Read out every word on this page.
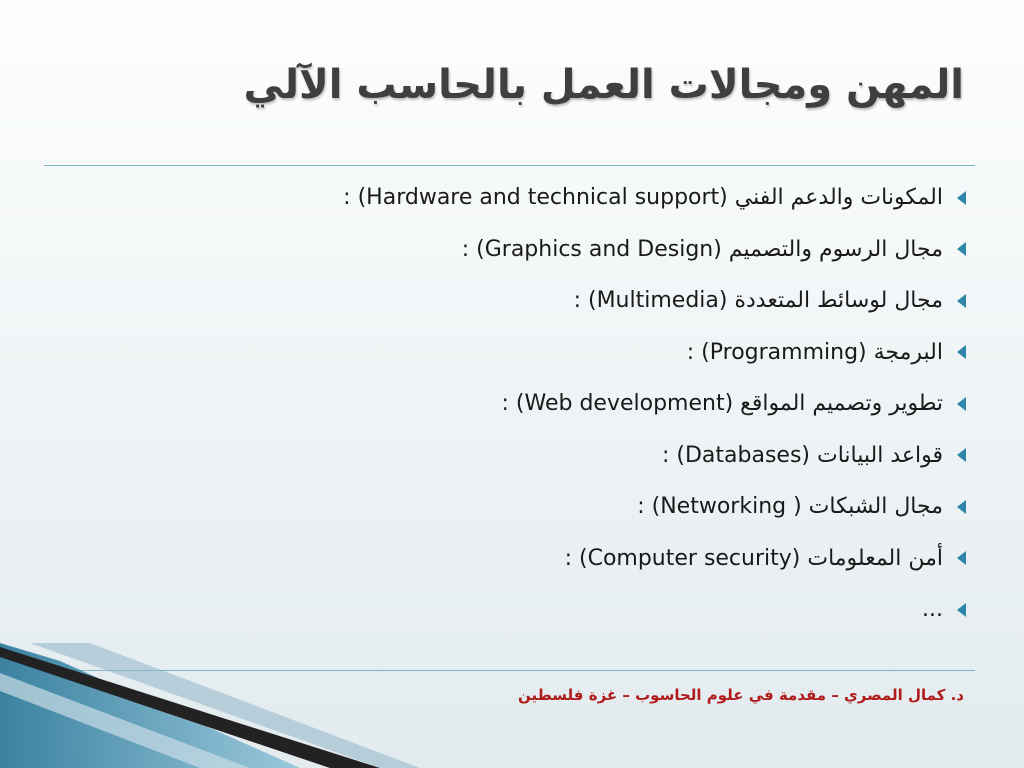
المهن ومجالات العمل بالحاسب الآلي
المكونات والدعم الفني (Hardware and technical support) :
مجال الرسوم والتصميم (Graphics and Design) :
مجال لوسائط المتعددة (Multimedia) :
البرمجة (Programming) :
تطوير وتصميم المواقع (Web development) :
قواعد البيانات (Databases) :
مجال الشبكات ( Networking) :
أمن المعلومات (Computer security) :
...
د. كمال المصري – مقدمة في علوم الحاسوب – غزة فلسطين
